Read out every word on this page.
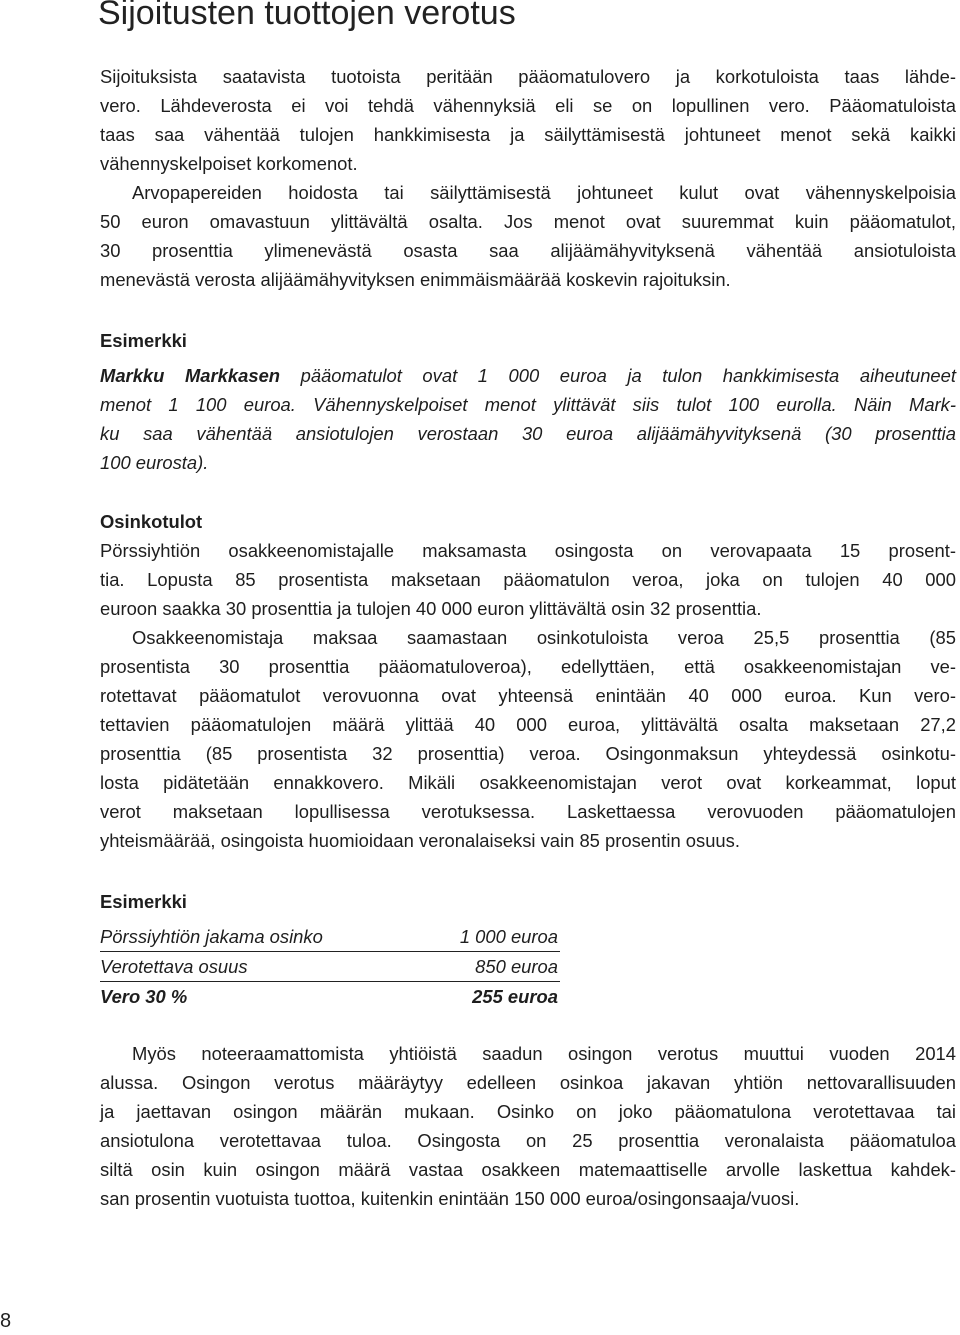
Sijoitusten tuottojen verotus
Sijoituksista saatavista tuotoista peritään pääomatulovero ja korkotuloista taas lähde-
vero. Lähdeverosta ei voi tehdä vähennyksiä eli se on lopullinen vero. Pääomatuloista
taas saa vähentää tulojen hankkimisesta ja säilyttämisestä johtuneet menot sekä kaikki
vähennyskelpoiset korkomenot.
Arvopapereiden hoidosta tai säilyttämisestä johtuneet kulut ovat vähennyskelpoisia
50 euron omavastuun ylittävältä osalta. Jos menot ovat suuremmat kuin pääomatulot,
30 prosenttia ylimenevästä osasta saa alijäämähyvityksenä vähentää ansiotuloista
menevästä verosta alijäämähyvityksen enimmäismäärää koskevin rajoituksin.
Esimerkki
Markku Markkasen pääomatulot ovat 1 000 euroa ja tulon hankkimisesta aiheutuneet
menot 1 100 euroa. Vähennyskelpoiset menot ylittävät siis tulot 100 eurolla. Näin Mark-
ku saa vähentää ansiotulojen verostaan 30 euroa alijäämähyvityksenä (30 prosenttia
100 eurosta).
Osinkotulot
Pörssiyhtiön osakkeenomistajalle maksamasta osingosta on verovapaata 15 prosent-
tia. Lopusta 85 prosentista maksetaan pääomatulon veroa, joka on tulojen 40 000
euroon saakka 30 prosenttia ja tulojen 40 000 euron ylittävältä osin 32 prosenttia.
Osakkeenomistaja maksaa saamastaan osinkotuloista veroa 25,5 prosenttia (85
prosentista 30 prosenttia pääomatuloveroa), edellyttäen, että osakkeenomistajan ve-
rotettavat pääomatulot verovuonna ovat yhteensä enintään 40 000 euroa. Kun vero-
tettavien pääomatulojen määrä ylittää 40 000 euroa, ylittävältä osalta maksetaan 27,2
prosenttia (85 prosentista 32 prosenttia) veroa. Osingonmaksun yhteydessä osinkotu-
losta pidätetään ennakkovero. Mikäli osakkeenomistajan verot ovat korkeammat, loput
verot maksetaan lopullisessa verotuksessa. Laskettaessa verovuoden pääomatulojen
yhteismäärää, osingoista huomioidaan veronalaiseksi vain 85 prosentin osuus.
Esimerkki
Pörssiyhtiön jakama osinko	1 000 euroa
Verotettava osuus	850 euroa
Vero 30 %	255 euroa
Myös noteeraamattomista yhtiöistä saadun osingon verotus muuttui vuoden 2014
alussa. Osingon verotus määräytyy edelleen osinkoa jakavan yhtiön nettovarallisuuden
ja jaettavan osingon määrän mukaan. Osinko on joko pääomatulona verotettavaa tai
ansiotulona verotettavaa tuloa. Osingosta on 25 prosenttia veronalaista pääomatuloa
siltä osin kuin osingon määrä vastaa osakkeen matemaattiselle arvolle laskettua kahdek-
san prosentin vuotuista tuottoa, kuitenkin enintään 150 000 euroa/osingonsaaja/vuosi.
8
